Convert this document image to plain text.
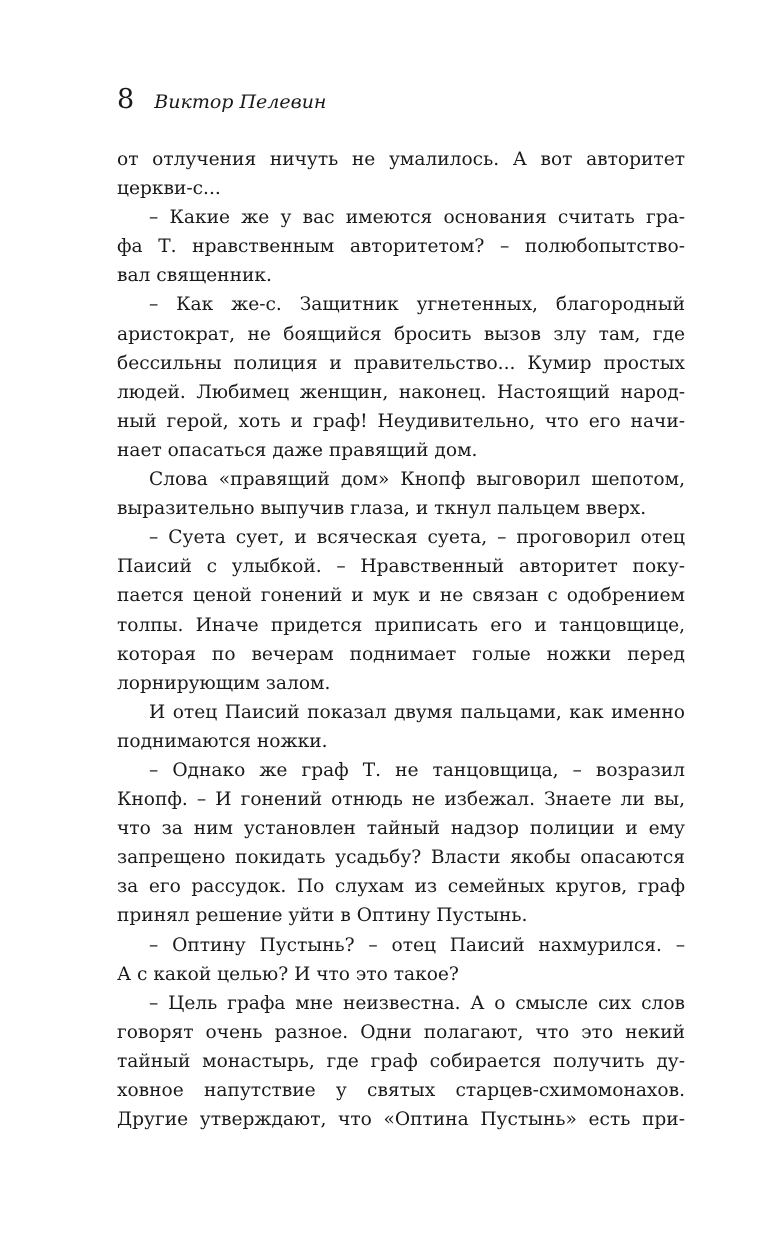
8 Виктор Пелевин
от отлучения ничуть не умалилось. А вот авторитет
церкви-с...
– Какие же у вас имеются основания считать гра-
фа Т. нравственным авторитетом? – полюбопытство-
вал священник.
– Как же-с. Защитник угнетенных, благородный
аристократ, не боящийся бросить вызов злу там, где
бессильны полиция и правительство... Кумир простых
людей. Любимец женщин, наконец. Настоящий народ-
ный герой, хоть и граф! Неудивительно, что его начи-
нает опасаться даже правящий дом.
Слова «правящий дом» Кнопф выговорил шепотом,
выразительно выпучив глаза, и ткнул пальцем вверх.
– Суета сует, и всяческая суета, – проговорил отец
Паисий с улыбкой. – Нравственный авторитет поку-
пается ценой гонений и мук и не связан с одобрением
толпы. Иначе придется приписать его и танцовщице,
которая по вечерам поднимает голые ножки перед
лорнирующим залом.
И отец Паисий показал двумя пальцами, как именно
поднимаются ножки.
– Однако же граф Т. не танцовщица, – возразил
Кнопф. – И гонений отнюдь не избежал. Знаете ли вы,
что за ним установлен тайный надзор полиции и ему
запрещено покидать усадьбу? Власти якобы опасаются
за его рассудок. По слухам из семейных кругов, граф
принял решение уйти в Оптину Пустынь.
– Оптину Пустынь? – отец Паисий нахмурился. –
А с какой целью? И что это такое?
– Цель графа мне неизвестна. А о смысле сих слов
говорят очень разное. Одни полагают, что это некий
тайный монастырь, где граф собирается получить ду-
ховное напутствие у святых старцев-схимомонахов.
Другие утверждают, что «Оптина Пустынь» есть при-
